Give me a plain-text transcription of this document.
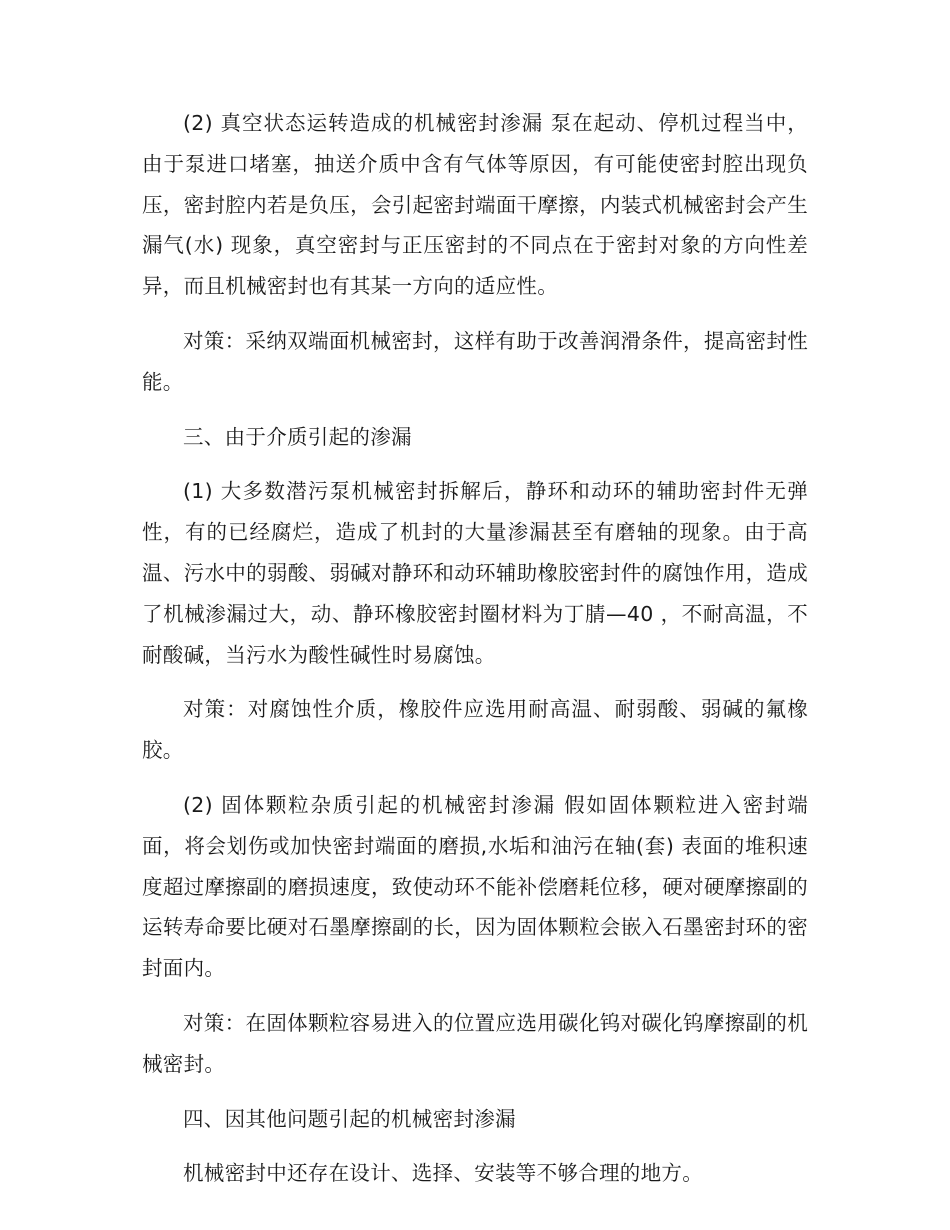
(2) 真空状态运转造成的机械密封渗漏 泵在起动、停机过程当中，由于泵进口堵塞，抽送介质中含有气体等原因，有可能使密封腔出现负压，密封腔内若是负压，会引起密封端面干摩擦，内装式机械密封会产生漏气(水) 现象，真空密封与正压密封的不同点在于密封对象的方向性差异，而且机械密封也有其某一方向的适应性。

对策：采纳双端面机械密封，这样有助于改善润滑条件，提高密封性能。

三、由于介质引起的渗漏

(1) 大多数潜污泵机械密封拆解后，静环和动环的辅助密封件无弹性，有的已经腐烂，造成了机封的大量渗漏甚至有磨轴的现象。由于高温、污水中的弱酸、弱碱对静环和动环辅助橡胶密封件的腐蚀作用，造成了机械渗漏过大，动、静环橡胶密封圈材料为丁腈—40 ，不耐高温，不耐酸碱，当污水为酸性碱性时易腐蚀。

对策：对腐蚀性介质，橡胶件应选用耐高温、耐弱酸、弱碱的氟橡胶。

(2) 固体颗粒杂质引起的机械密封渗漏 假如固体颗粒进入密封端面，将会划伤或加快密封端面的磨损,水垢和油污在轴(套) 表面的堆积速度超过摩擦副的磨损速度，致使动环不能补偿磨耗位移，硬对硬摩擦副的运转寿命要比硬对石墨摩擦副的长，因为固体颗粒会嵌入石墨密封环的密封面内。

对策：在固体颗粒容易进入的位置应选用碳化钨对碳化钨摩擦副的机械密封。

四、因其他问题引起的机械密封渗漏

机械密封中还存在设计、选择、安装等不够合理的地方。
